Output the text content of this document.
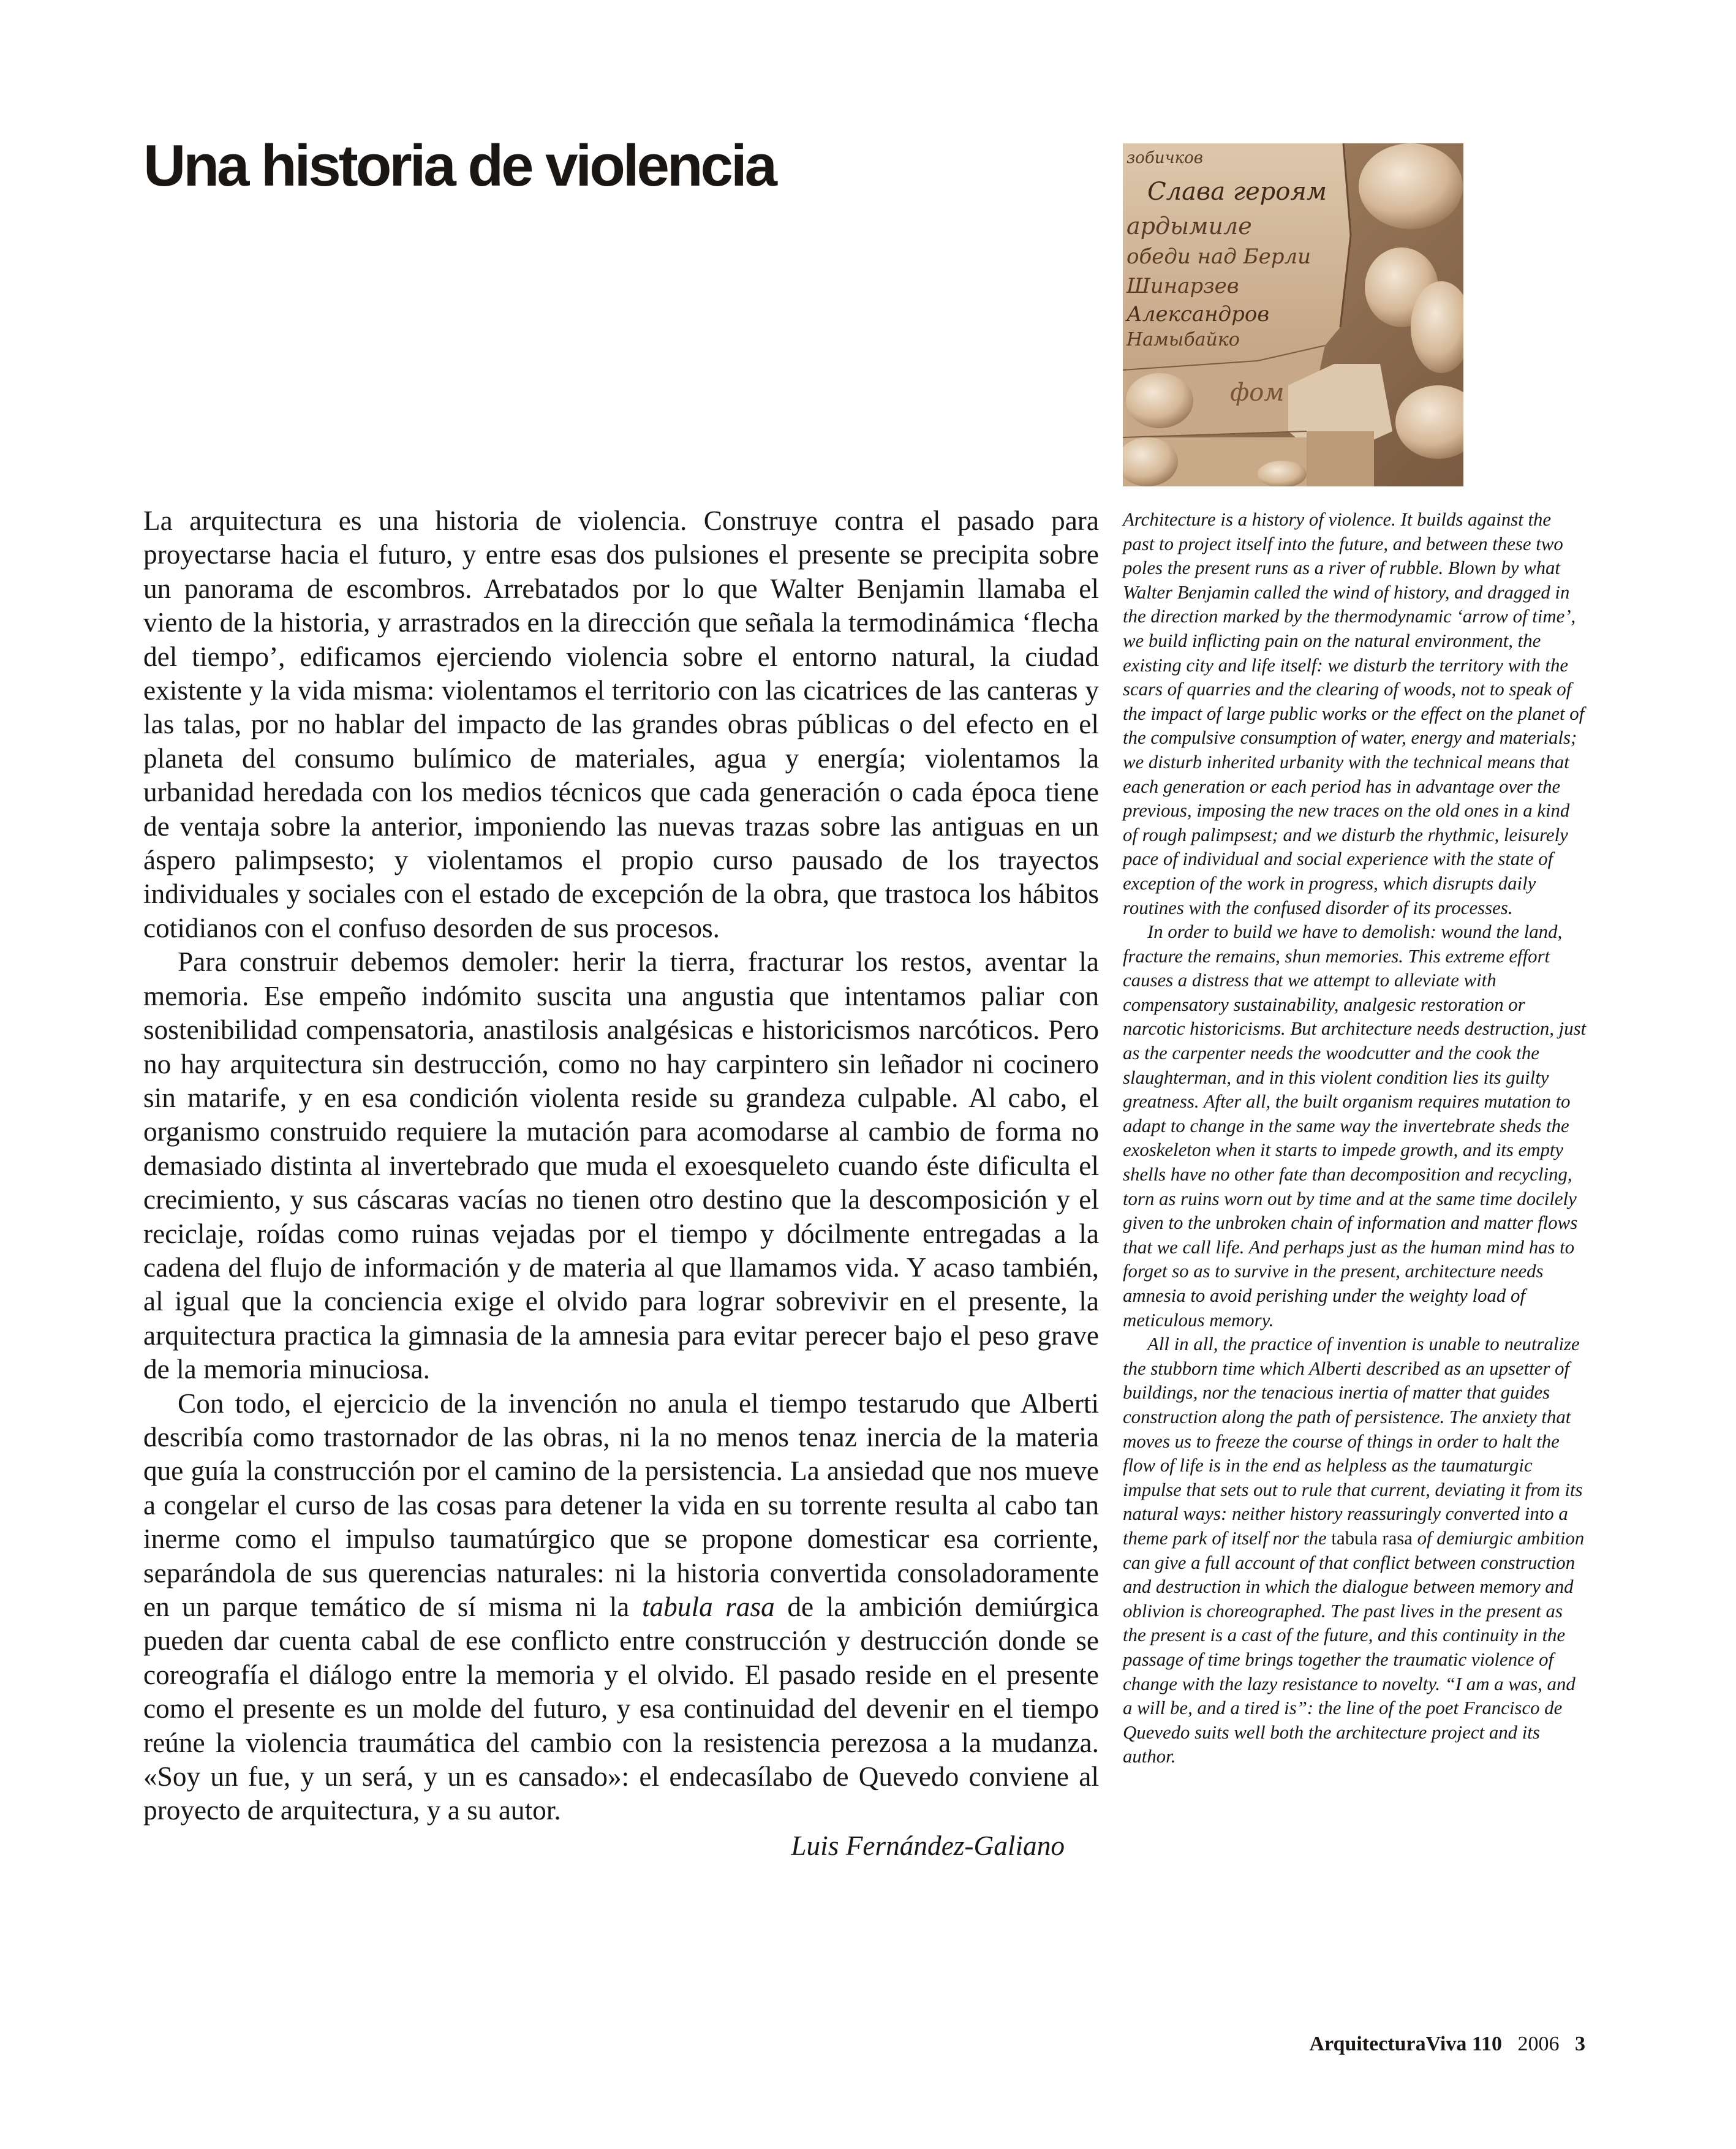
Una historia de violencia	зобичков
Слава героям
ардымиле
обеди над Берли
Шинарзев
Александров
Намыбайко
фом

La arquitectura es una historia de violencia. Construye contra el pasado para proyectarse hacia el futuro, y entre esas dos pulsiones el presente se precipita sobre un panorama de escombros. Arrebatados por lo que Walter Benjamin llamaba el viento de la historia, y arrastrados en la dirección que señala la termodinámica ‘flecha del tiempo’, edificamos ejerciendo violencia sobre el entorno natural, la ciudad existente y la vida misma: violentamos el territorio con las cicatrices de las canteras y las talas, por no hablar del impacto de las grandes obras públicas o del efecto en el planeta del consumo bulímico de materiales, agua y energía; violentamos la urbanidad heredada con los medios técnicos que cada generación o cada época tiene de ventaja sobre la anterior, imponiendo las nuevas trazas sobre las antiguas en un áspero palimpsesto; y violentamos el propio curso pausado de los trayectos individuales y sociales con el estado de excepción de la obra, que trastoca los hábitos cotidianos con el confuso desorden de sus procesos.

Para construir debemos demoler: herir la tierra, fracturar los restos, aventar la memoria. Ese empeño indómito suscita una angustia que intentamos paliar con sostenibilidad compensatoria, anastilosis analgésicas e historicismos narcóticos. Pero no hay arquitectura sin destrucción, como no hay carpintero sin leñador ni cocinero sin matarife, y en esa condición violenta reside su grandeza culpable. Al cabo, el organismo construido requiere la mutación para acomodarse al cambio de forma no demasiado distinta al invertebrado que muda el exoesqueleto cuando éste dificulta el crecimiento, y sus cáscaras vacías no tienen otro destino que la descomposición y el reciclaje, roídas como ruinas vejadas por el tiempo y dócilmente entregadas a la cadena del flujo de información y de materia al que llamamos vida. Y acaso también, al igual que la conciencia exige el olvido para lograr sobrevivir en el presente, la arquitectura practica la gimnasia de la amnesia para evitar perecer bajo el peso grave de la memoria minuciosa.

Con todo, el ejercicio de la invención no anula el tiempo testarudo que Alberti describía como trastornador de las obras, ni la no menos tenaz inercia de la materia que guía la construcción por el camino de la persistencia. La ansiedad que nos mueve a congelar el curso de las cosas para detener la vida en su torrente resulta al cabo tan inerme como el impulso taumatúrgico que se propone domesticar esa corriente, separándola de sus querencias naturales: ni la historia convertida consoladoramente en un parque temático de sí misma ni la tabula rasa de la ambición demiúrgica pueden dar cuenta cabal de ese conflicto entre construcción y destrucción donde se coreografía el diálogo entre la memoria y el olvido. El pasado reside en el presente como el presente es un molde del futuro, y esa continuidad del devenir en el tiempo reúne la violencia traumática del cambio con la resistencia perezosa a la mudanza. «Soy un fue, y un será, y un es cansado»: el endecasílabo de Quevedo conviene al proyecto de arquitectura, y a su autor.

Luis Fernández-Galiano

Architecture is a history of violence. It builds against the past to project itself into the future, and between these two poles the present runs as a river of rubble. Blown by what Walter Benjamin called the wind of history, and dragged in the direction marked by the thermodynamic ‘arrow of time’, we build inflicting pain on the natural environment, the existing city and life itself: we disturb the territory with the scars of quarries and the clearing of woods, not to speak of the impact of large public works or the effect on the planet of the compulsive consumption of water, energy and materials; we disturb inherited urbanity with the technical means that each generation or each period has in advantage over the previous, imposing the new traces on the old ones in a kind of rough palimpsest; and we disturb the rhythmic, leisurely pace of individual and social experience with the state of exception of the work in progress, which disrupts daily routines with the confused disorder of its processes.

In order to build we have to demolish: wound the land, fracture the remains, shun memories. This extreme effort causes a distress that we attempt to alleviate with compensatory sustainability, analgesic restoration or narcotic historicisms. But architecture needs destruction, just as the carpenter needs the woodcutter and the cook the slaughterman, and in this violent condition lies its guilty greatness. After all, the built organism requires mutation to adapt to change in the same way the invertebrate sheds the exoskeleton when it starts to impede growth, and its empty shells have no other fate than decomposition and recycling, torn as ruins worn out by time and at the same time docilely given to the unbroken chain of information and matter flows that we call life. And perhaps just as the human mind has to forget so as to survive in the present, architecture needs amnesia to avoid perishing under the weighty load of meticulous memory.

All in all, the practice of invention is unable to neutralize the stubborn time which Alberti described as an upsetter of buildings, nor the tenacious inertia of matter that guides construction along the path of persistence. The anxiety that moves us to freeze the course of things in order to halt the flow of life is in the end as helpless as the taumaturgic impulse that sets out to rule that current, deviating it from its natural ways: neither history reassuringly converted into a theme park of itself nor the tabula rasa of demiurgic ambition can give a full account of that conflict between construction and destruction in which the dialogue between memory and oblivion is choreographed. The past lives in the present as the present is a cast of the future, and this continuity in the passage of time brings together the traumatic violence of change with the lazy resistance to novelty. “I am a was, and a will be, and a tired is”: the line of the poet Francisco de Quevedo suits well both the architecture project and its author.

ArquitecturaViva 110 2006 3
